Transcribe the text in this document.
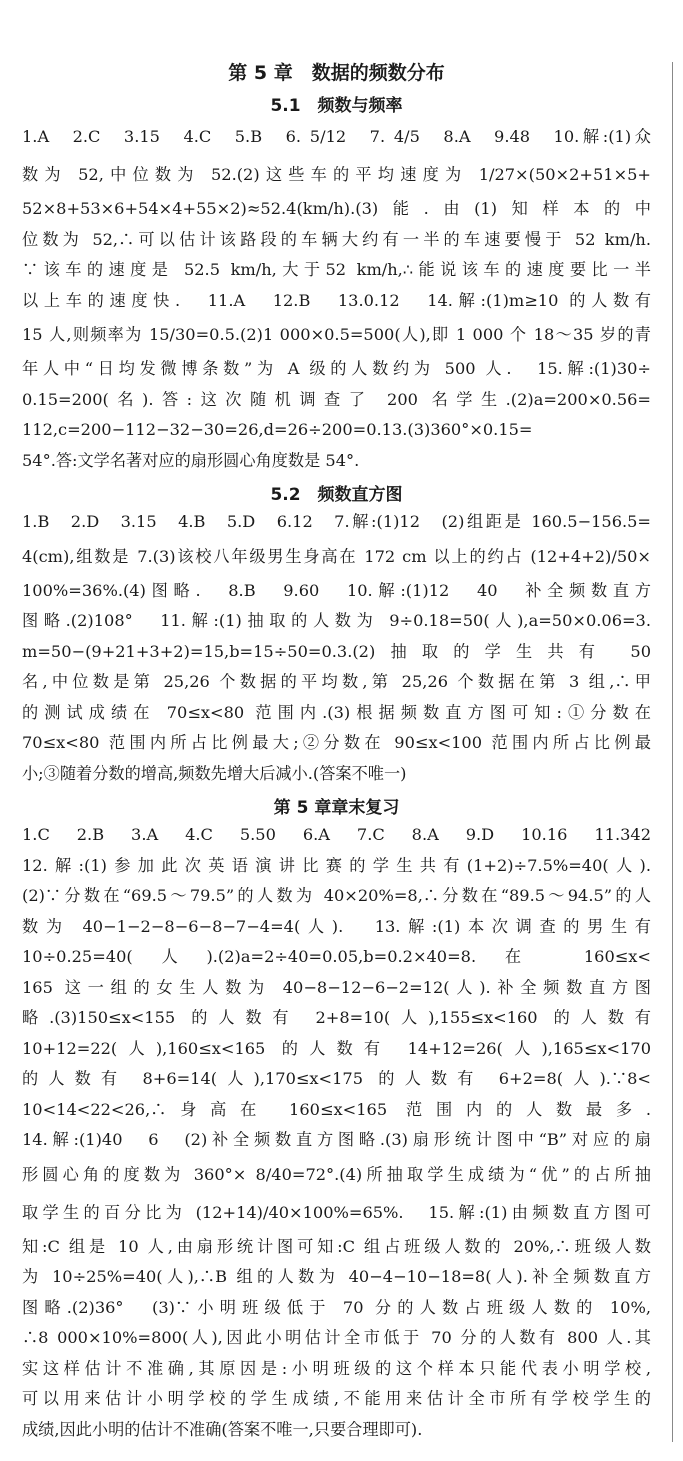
第 5 章　数据的频数分布
5.1　频数与频率
1.A　2.C　3.15　4.C　5.B　6. 5/12　7. 4/5　8.A　9.48　10.解:(1)众
数为 52,中位数为 52.(2)这些车的平均速度为 1/27×(50×2+51×5+
52×8+53×6+54×4+55×2)≈52.4(km/h).(3)能.由(1)知样本的中
位数为 52,∴可以估计该路段的车辆大约有一半的车速要慢于 52 km/h.
∵该车的速度是 52.5 km/h,大于52 km/h,∴能说该车的速度要比一半
以上车的速度快.　11.A　12.B　13.0.12　14.解:(1)m≥10 的人数有
15 人,则频率为 15/30=0.5.(2)1 000×0.5=500(人),即 1 000 个 18～35 岁的青
年人中“日均发微博条数”为 A 级的人数约为 500 人.　15.解:(1)30÷
0.15=200(名).答:这次随机调查了 200 名学生.(2)a=200×0.56=
112,c=200−112−32−30=26,d=26÷200=0.13.(3)360°×0.15=
54°.答:文学名著对应的扇形圆心角度数是 54°.
5.2　频数直方图
1.B　2.D　3.15　4.B　5.D　6.12　7.解:(1)12　(2)组距是 160.5−156.5=
4(cm),组数是 7.(3)该校八年级男生身高在 172 cm 以上的约占 (12+4+2)/50×
100%=36%.(4)图略.　8.B　9.60　10.解:(1)12　40　补全频数直方
图略.(2)108°　11.解:(1)抽取的人数为 9÷0.18=50(人),a=50×0.06=3.
m=50−(9+21+3+2)=15,b=15÷50=0.3.(2)抽取的学生共有 50
名,中位数是第 25,26 个数据的平均数,第 25,26 个数据在第 3 组,∴甲
的测试成绩在 70≤x<80 范围内.(3)根据频数直方图可知:①分数在
70≤x<80 范围内所占比例最大;②分数在 90≤x<100 范围内所占比例最
小;③随着分数的增高,频数先增大后减小.(答案不唯一)
第 5 章章末复习
1.C　2.B　3.A　4.C　5.50　6.A　7.C　8.A　9.D　10.16　11.342
12.解:(1)参加此次英语演讲比赛的学生共有(1+2)÷7.5%=40(人).
(2)∵分数在“69.5～79.5”的人数为 40×20%=8,∴分数在“89.5～94.5”的人
数为 40−1−2−8−6−8−7−4=4(人).　13.解:(1)本次调查的男生有
10÷0.25=40(人).(2)a=2÷40=0.05,b=0.2×40=8.在 160≤x<
165 这一组的女生人数为 40−8−12−6−2=12(人).补全频数直方图
略.(3)150≤x<155 的人数有 2+8=10(人),155≤x<160 的人数有
10+12=22(人),160≤x<165 的人数有 14+12=26(人),165≤x<170
的人数有 8+6=14(人),170≤x<175 的人数有 6+2=8(人).∵8<
10<14<22<26,∴身高在 160≤x<165 范围内的人数最多.
14.解:(1)40　6　(2)补全频数直方图略.(3)扇形统计图中“B”对应的扇
形圆心角的度数为 360°× 8/40=72°.(4)所抽取学生成绩为“优”的占所抽
取学生的百分比为 (12+14)/40×100%=65%.　15.解:(1)由频数直方图可
知:C 组是 10 人,由扇形统计图可知:C 组占班级人数的 20%,∴班级人数
为 10÷25%=40(人),∴B 组的人数为 40−4−10−18=8(人).补全频数直方
图略.(2)36°　(3)∵小明班级低于 70 分的人数占班级人数的 10%,
∴8 000×10%=800(人),因此小明估计全市低于 70 分的人数有 800 人.其
实这样估计不准确,其原因是:小明班级的这个样本只能代表小明学校,
可以用来估计小明学校的学生成绩,不能用来估计全市所有学校学生的
成绩,因此小明的估计不准确(答案不唯一,只要合理即可).
